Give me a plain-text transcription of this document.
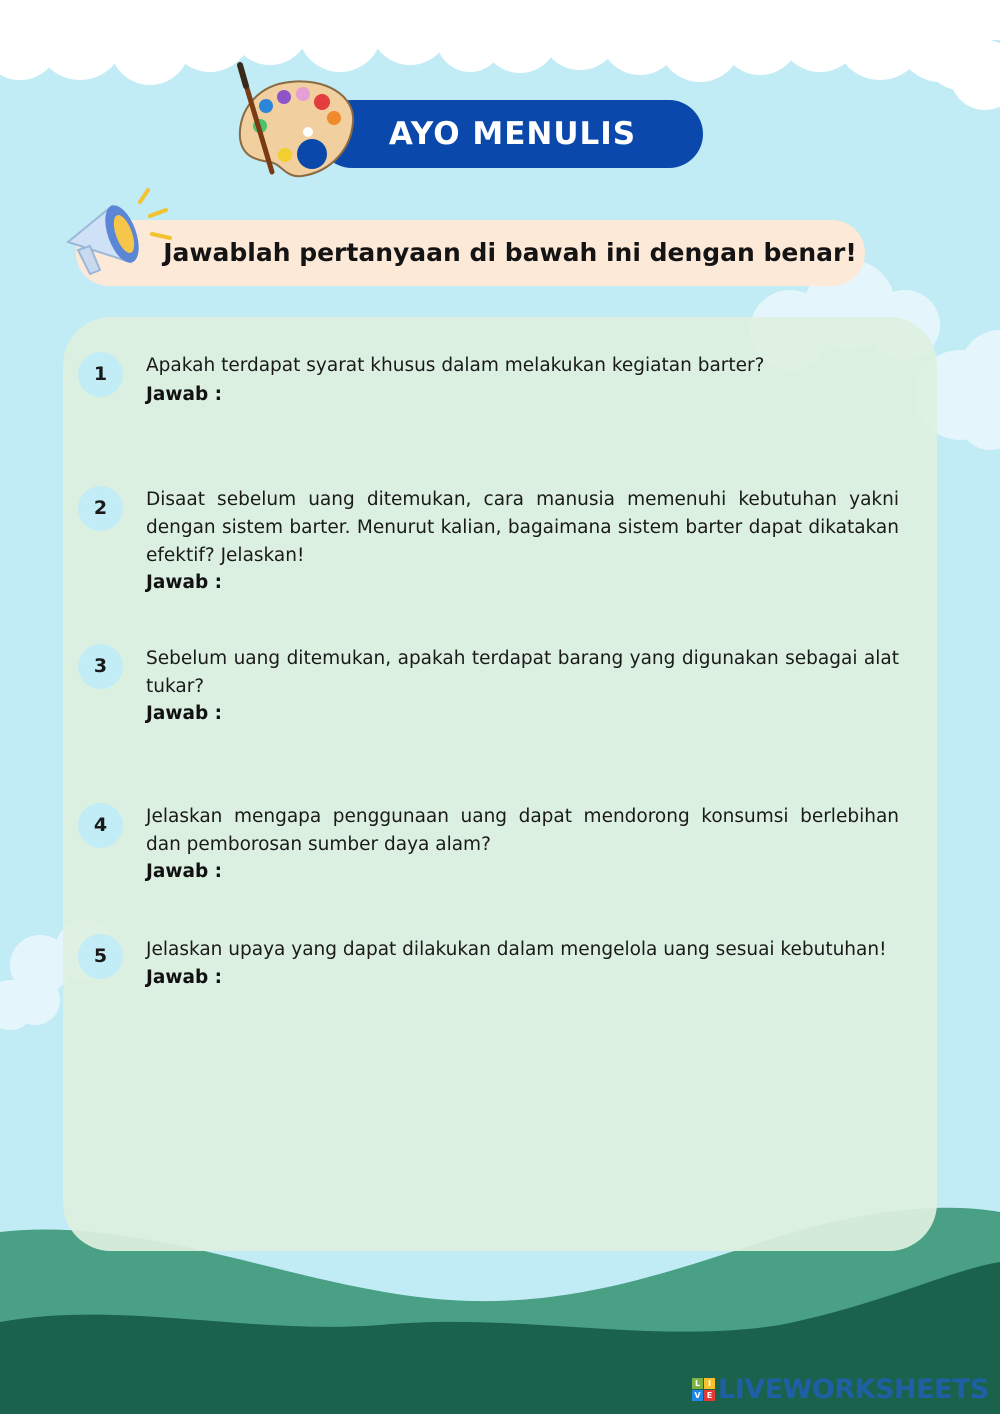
AYO MENULIS
Jawablah pertanyaan di bawah ini dengan benar!
1	Apakah terdapat syarat khusus dalam melakukan kegiatan barter?
Jawab :
2	Disaat sebelum uang ditemukan, cara manusia memenuhi kebutuhan yakni dengan sistem barter. Menurut kalian, bagaimana sistem barter dapat dikatakan efektif? Jelaskan!
Jawab :
3	Sebelum uang ditemukan, apakah terdapat barang yang digunakan sebagai alat tukar?
Jawab :
4	Jelaskan mengapa penggunaan uang dapat mendorong konsumsi berlebihan dan pemborosan sumber daya alam?
Jawab :
5	Jelaskan upaya yang dapat dilakukan dalam mengelola uang sesuai kebutuhan!
Jawab :
L I
V E LIVEWORKSHEETS
